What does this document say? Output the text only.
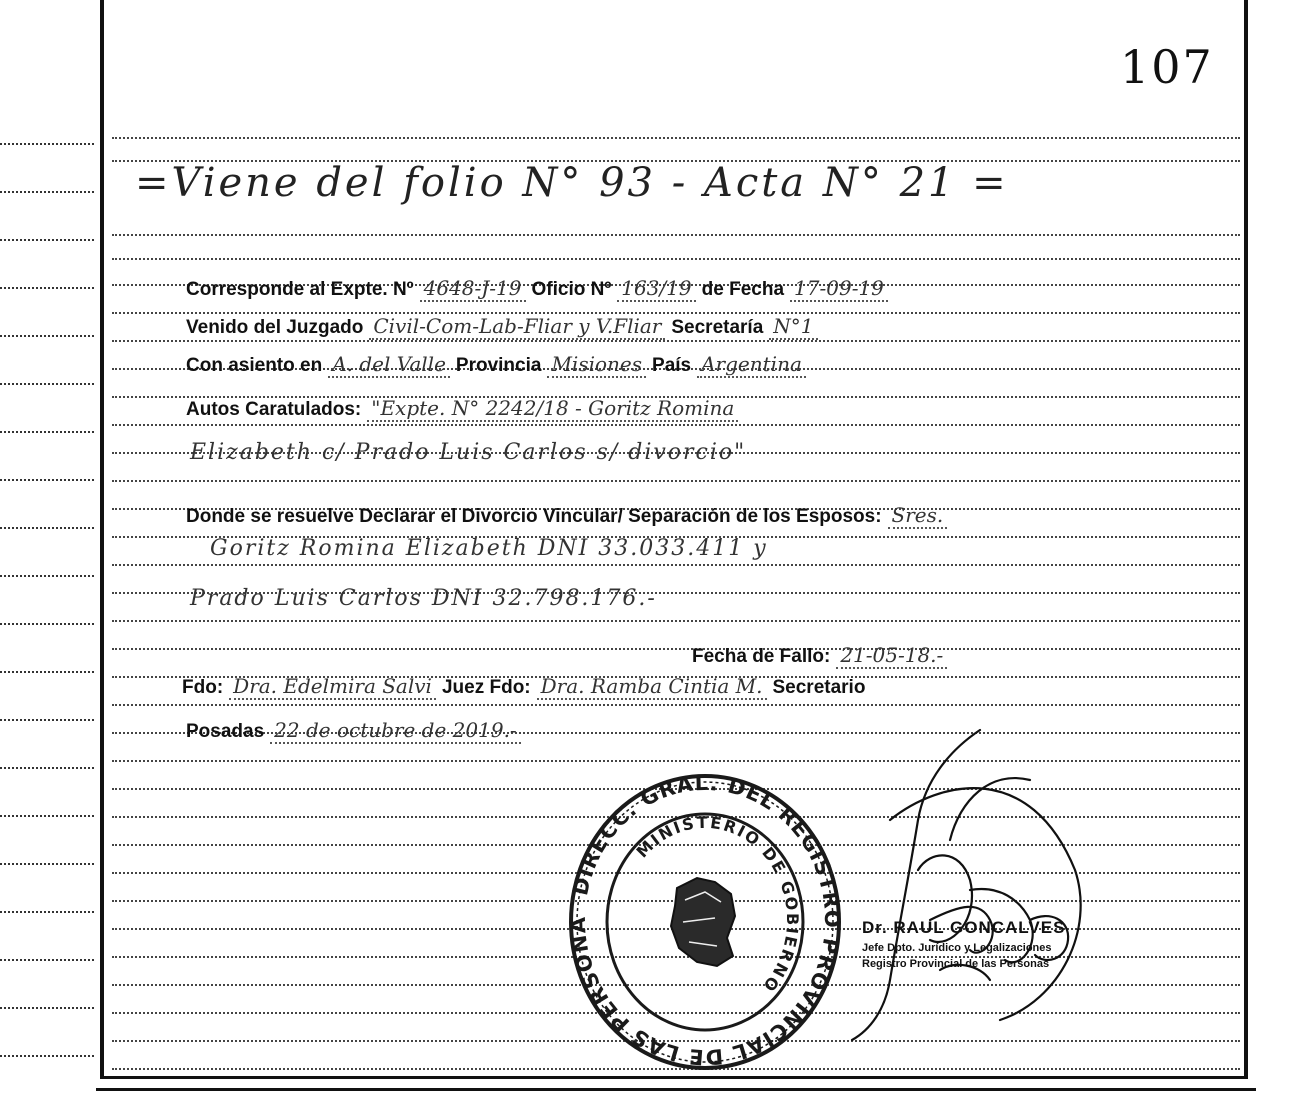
107
=Viene del folio N° 93 - Acta N° 21 =
Corresponde al Expte. Nº 4648-J-19 Oficio Nº 163/19 de Fecha 17-09-19
Venido del Juzgado Civil-Com-Lab-Fliar y V.Fliar Secretaría N°1
Con asiento en A. del Valle Provincia Misiones País Argentina
Autos Caratulados: "Expte. N° 2242/18 - Goritz Romina
Elizabeth c/ Prado Luis Carlos s/ divorcio"
Donde se resuelve Declarar el Divorcio Vincular/ Separación de los Esposos: Sres.
Goritz Romina Elizabeth DNI 33.033.411 y
Prado Luis Carlos DNI 32.798.176.-
Fecha de Fallo: 21-05-18.-
Fdo: Dra. Edelmira Salvi Juez Fdo: Dra. Ramba Cintia M. Secretario
Posadas 22 de octubre de 2019.-
DIRECC. GRAL. DEL REGISTRO PROVINCIAL DE LAS PERSONA
MINISTERIO DE GOBIERNO
Dr. RAUL GONCALVES
Jefe Dpto. Jurídico y Legalizaciones
Registro Provincial de las Personas
